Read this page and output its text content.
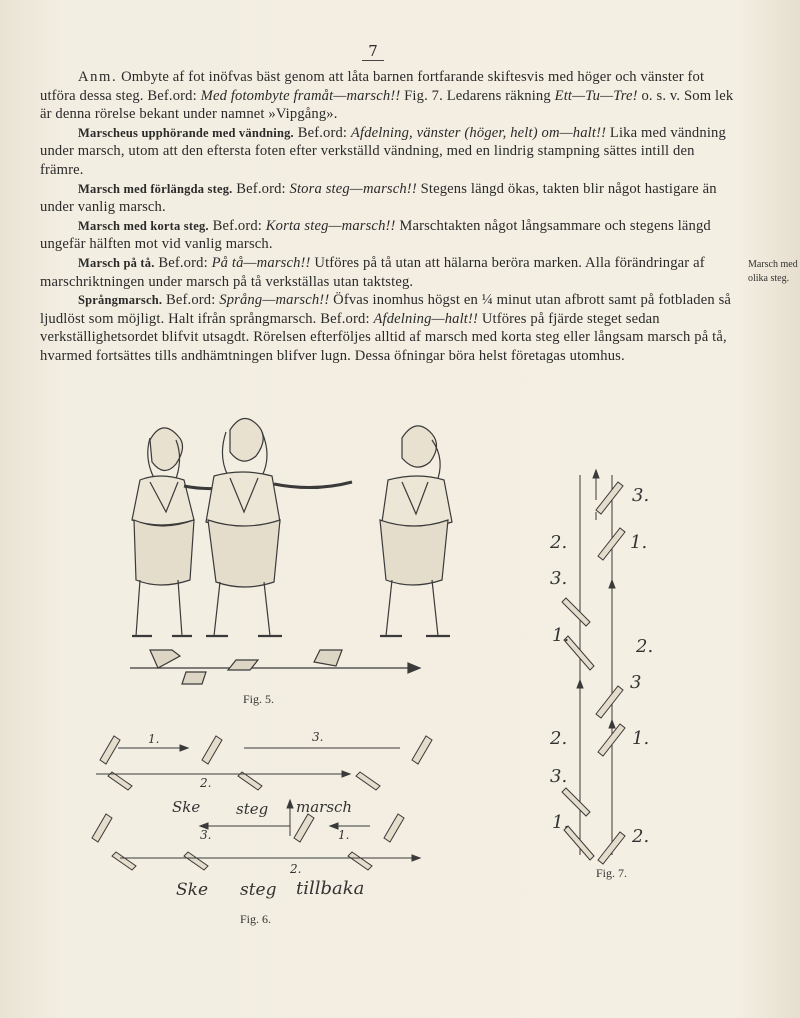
7

Anm. Ombyte af fot inöfvas bäst genom att låta barnen fortfarande skiftesvis med höger och vänster fot utföra dessa steg. Bef.ord: Med fotombyte framåt—marsch!! Fig. 7. Ledarens räkning Ett—Tu—Tre! o. s. v. Som lek är denna rörelse bekant under namnet »Vipgång».

Marscheus upphörande med vändning. Bef.ord: Afdelning, vänster (höger, helt) om—halt!! Lika med vändning under marsch, utom att den eftersta foten efter verkställd vändning, med en lindrig stampning sättes intill den främre.

Marsch med förlängda steg. Bef.ord: Stora steg—marsch!! Stegens längd ökas, takten blir något hastigare än under vanlig marsch.

Marsch med korta steg. Bef.ord: Korta steg—marsch!! Marschtakten något långsammare och stegens längd ungefär hälften mot vid vanlig marsch.

Marsch på tå. Bef.ord: På tå—marsch!! Utföres på tå utan att hälarna beröra marken. Alla förändringar af marschriktningen under marsch på tå verkställas utan taktsteg.

Språngmarsch. Bef.ord: Språng—marsch!! Öfvas inomhus högst en ¼ minut utan afbrott samt på fotbladen så ljudlöst som möjligt. Halt ifrån språngmarsch. Bef.ord: Afdelning—halt!! Utföres på fjärde steget sedan verkställighetsordet blifvit utsagdt. Rörelsen efterföljes alltid af marsch med korta steg eller långsam marsch på tå, hvarmed fortsättes tills andhämtningen blifver lugn. Dessa öfningar böra helst företagas utomhus.

Marsch med olika steg.
Fig. 5.
1.	3.
2.
3.	1.
2.
Ske steg marsch
Ske steg tillbaka
Fig. 6.
3.
2.	1.
3.
1.
2.
3
2.	1.
3.
1.
2.
Fig. 7.
